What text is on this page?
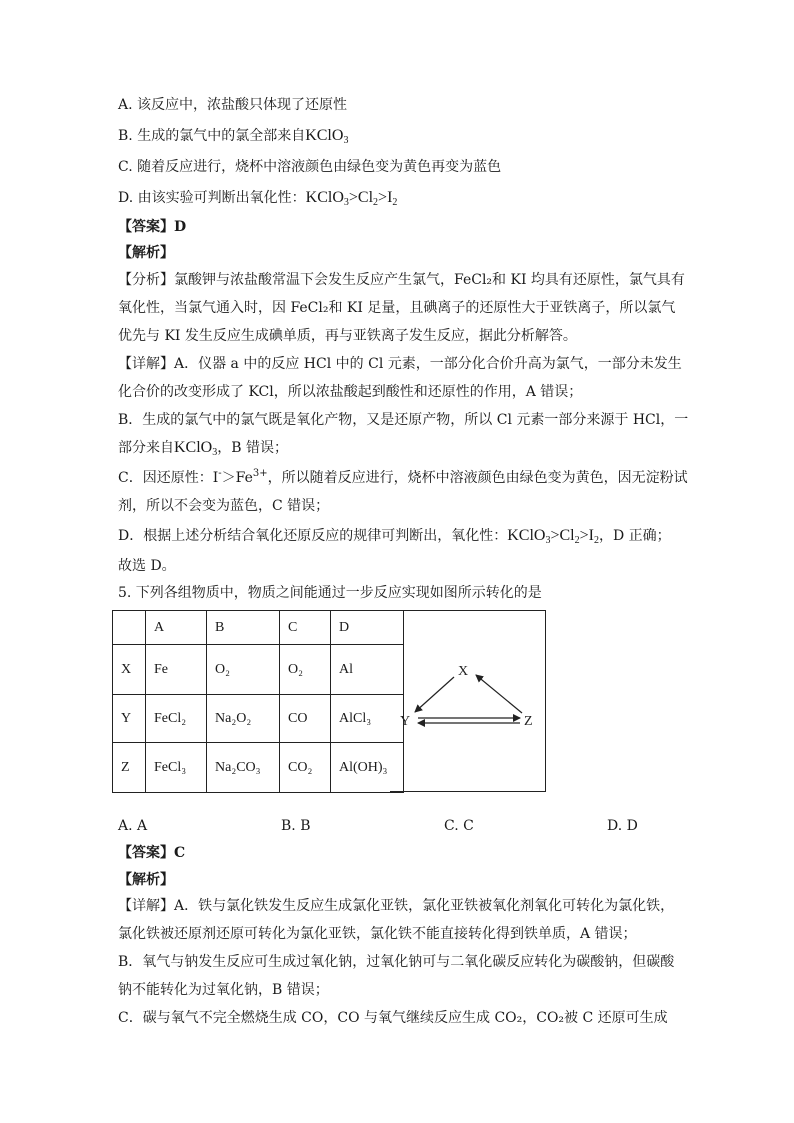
A. 该反应中，浓盐酸只体现了还原性
B. 生成的氯气中的氯全部来自KClO$_3$
C. 随着反应进行，烧杯中溶液颜色由绿色变为黄色再变为蓝色
D. 由该实验可判断出氧化性：$KClO_3>Cl_2>I_2$
【答案】D
【解析】
【分析】氯酸钾与浓盐酸常温下会发生反应产生氯气，FeCl₂和 KI 均具有还原性，氯气具有
氧化性，当氯气通入时，因 FeCl₂和 KI 足量，且碘离子的还原性大于亚铁离子，所以氯气
优先与 KI 发生反应生成碘单质，再与亚铁离子发生反应，据此分析解答。
【详解】A．仪器 a 中的反应 HCl 中的 Cl 元素，一部分化合价升高为氯气，一部分未发生
化合价的改变形成了 KCl，所以浓盐酸起到酸性和还原性的作用，A 错误；
B．生成的氯气中的氯气既是氧化产物，又是还原产物，所以 Cl 元素一部分来源于 HCl，一
部分来自KClO$_3$，B 错误；
C．因还原性：$I^->Fe^{3+}$，所以随着反应进行，烧杯中溶液颜色由绿色变为黄色，因无淀粉试
剂，所以不会变为蓝色，C 错误；
D．根据上述分析结合氧化还原反应的规律可判断出，氧化性：$KClO_3>Cl_2>I_2$，D 正确；
故选 D。
5. 下列各组物质中，物质之间能通过一步反应实现如图所示转化的是
	A	B	C	D
X	Fe	O₂	O₂	Al
Y	FeCl₂	Na₂O₂	CO	AlCl₃
Z	FeCl₃	Na₂CO₃	CO₂	Al(OH)₃
X
Y	Z
A. A	B. B	C. C	D. D
【答案】C
【解析】
【详解】A．铁与氯化铁发生反应生成氯化亚铁，氯化亚铁被氧化剂氧化可转化为氯化铁，
氯化铁被还原剂还原可转化为氯化亚铁，氯化铁不能直接转化得到铁单质，A 错误；
B．氧气与钠发生反应可生成过氧化钠，过氧化钠可与二氧化碳反应转化为碳酸钠，但碳酸
钠不能转化为过氧化钠，B 错误；
C．碳与氧气不完全燃烧生成 CO，CO 与氧气继续反应生成 CO₂，CO₂被 C 还原可生成
